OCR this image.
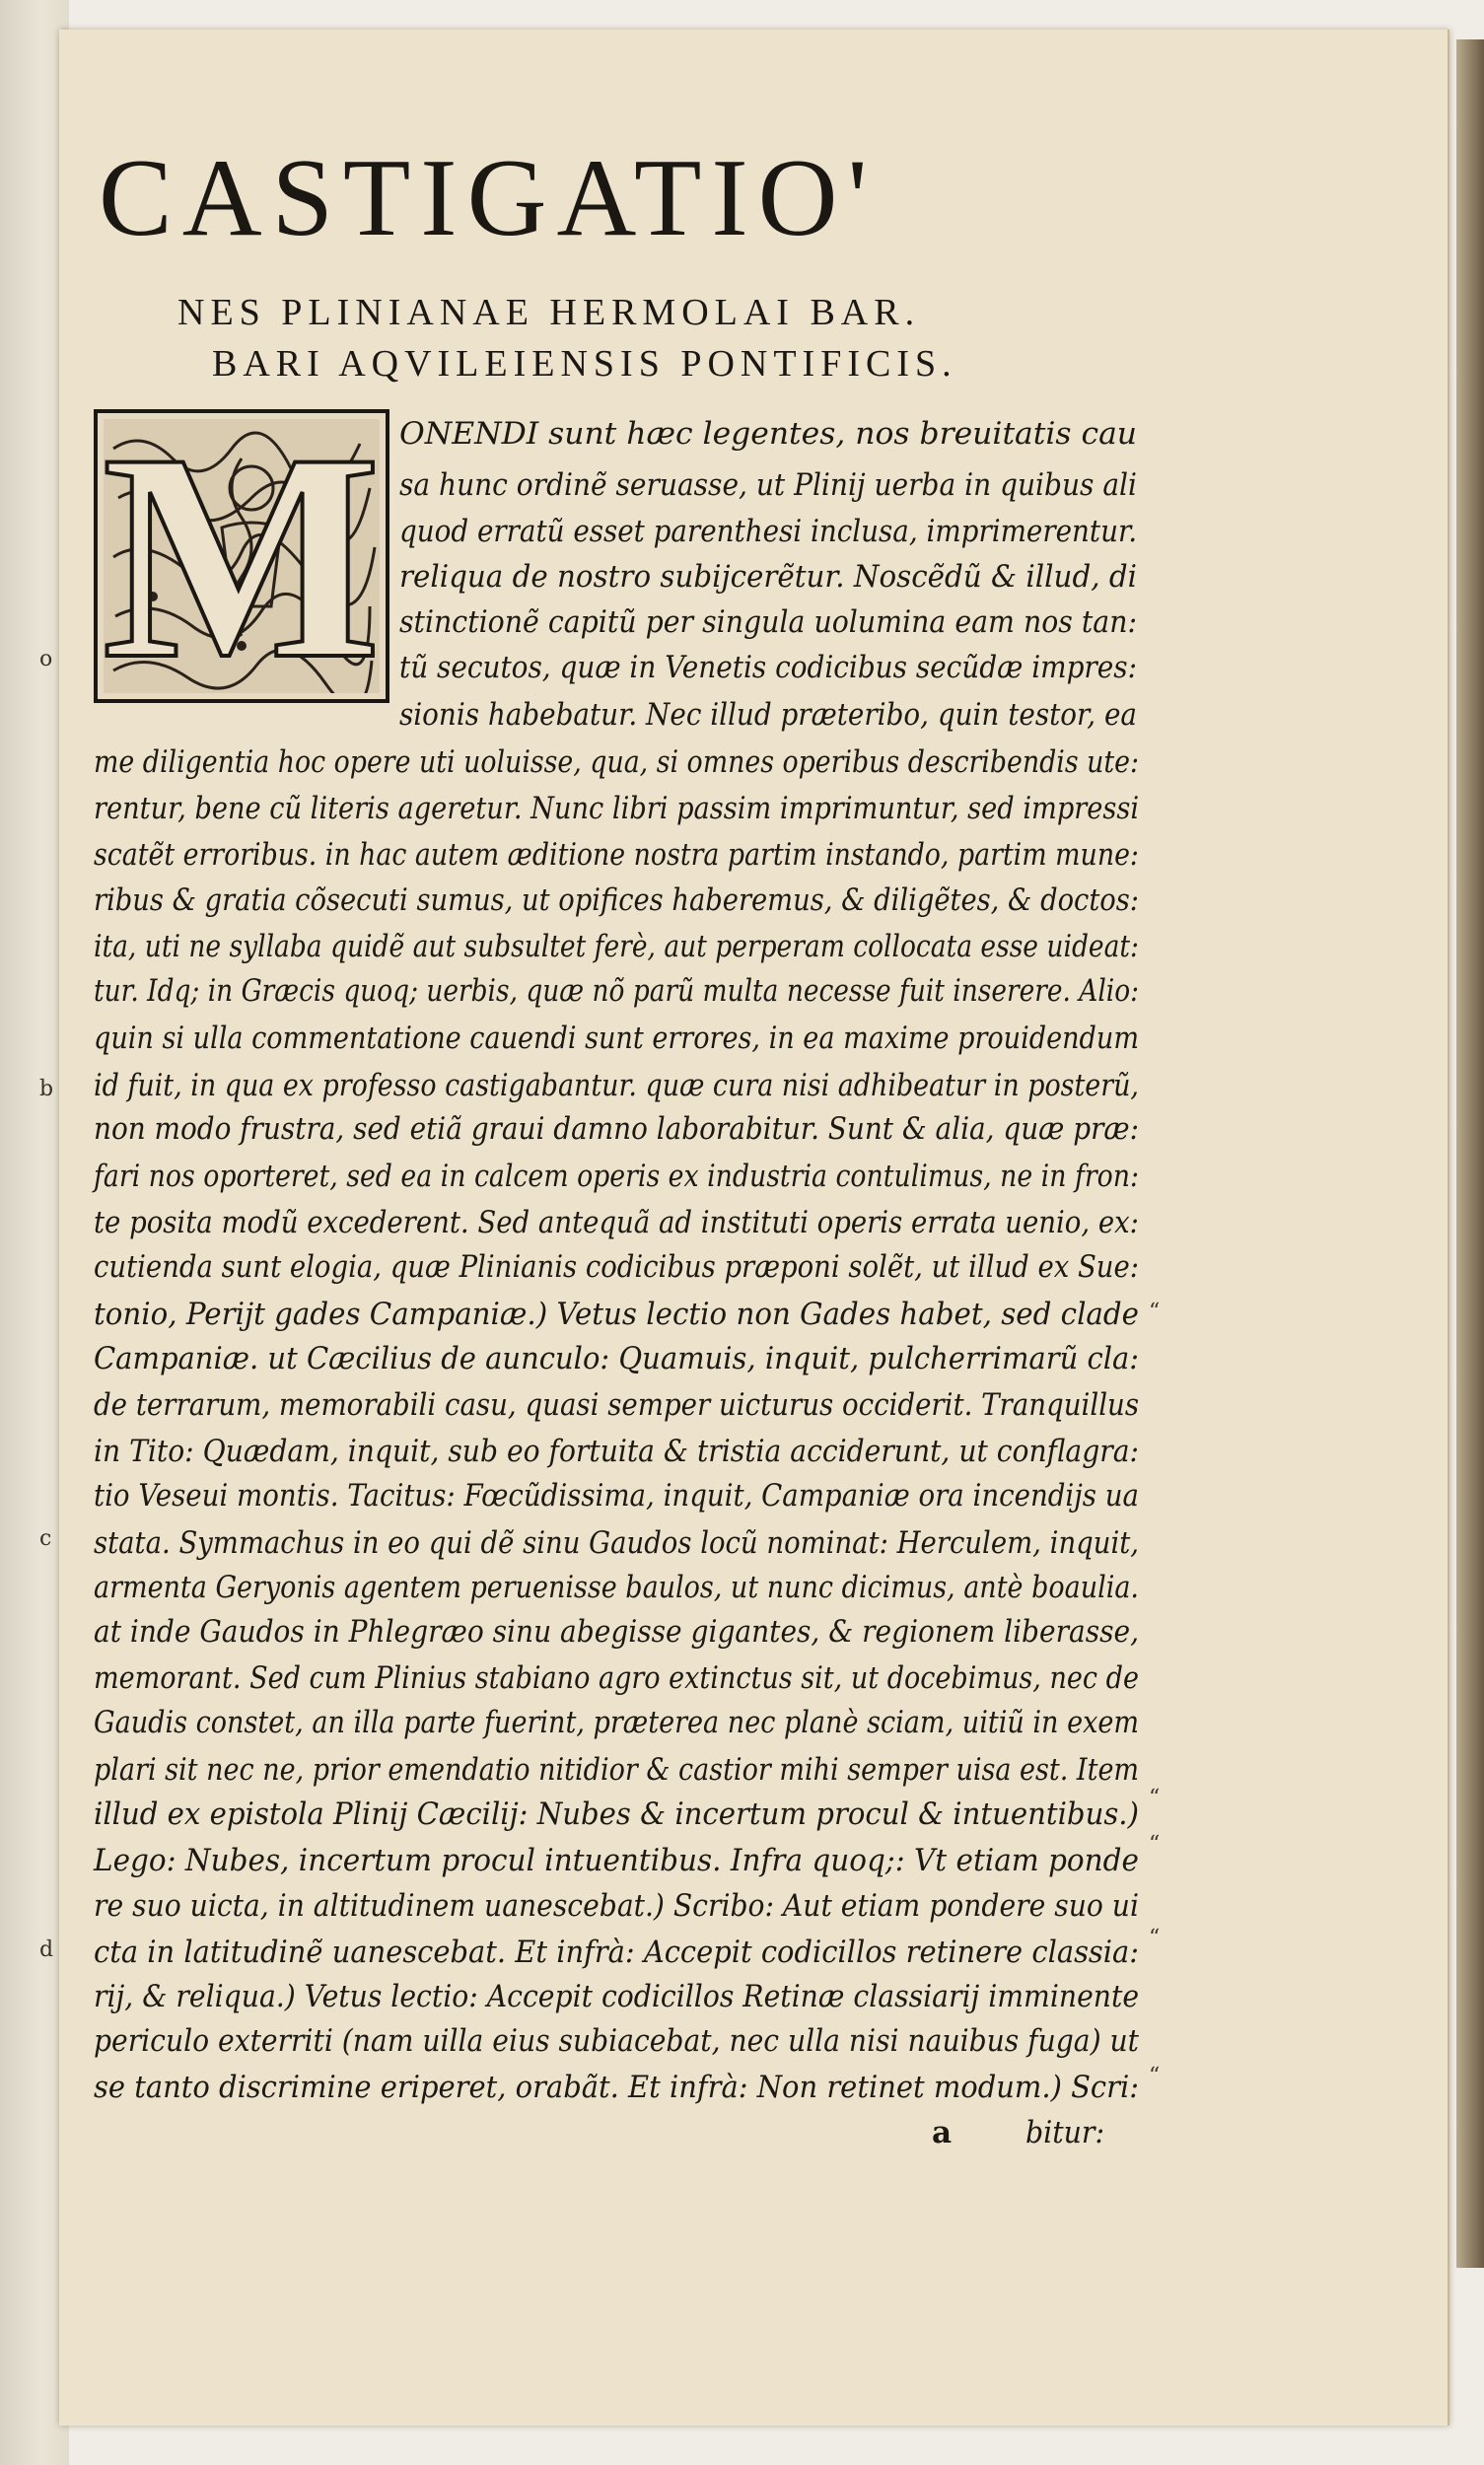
CASTIGATIO'
NES PLINIANAE HERMOLAI BAR.
BARI AQVILEIENSIS PONTIFICIS.
M ONENDI sunt hæc legentes, nos breuitatis cau
sa hunc ordinẽ seruasse, ut Plinij uerba in quibus ali
quod erratũ esset parenthesi inclusa, imprimerentur.
reliqua de nostro subijcerẽtur. Noscẽdũ & illud, di
stinctionẽ capitũ per singula uolumina eam nos tan:
tũ secutos, quæ in Venetis codicibus secũdæ impres:
sionis habebatur. Nec illud præteribo, quin testor, ea
me diligentia hoc opere uti uoluisse, qua, si omnes operibus describendis ute:
rentur, bene cũ literis ageretur. Nunc libri passim imprimuntur, sed impressi
scatẽt erroribus. in hac autem æditione nostra partim instando, partim mune:
ribus & gratia cõsecuti sumus, ut opifices haberemus, & diligẽtes, & doctos:
ita, uti ne syllaba quidẽ aut subsultet ferè, aut perperam collocata esse uideat:
tur. Idq; in Græcis quoq; uerbis, quæ nõ parũ multa necesse fuit inserere. Alio:
quin si ulla commentatione cauendi sunt errores, in ea maxime prouidendum
id fuit, in qua ex professo castigabantur. quæ cura nisi adhibeatur in posterũ,
non modo frustra, sed etiã graui damno laborabitur. Sunt & alia, quæ præ:
fari nos oporteret, sed ea in calcem operis ex industria contulimus, ne in fron:
te posita modũ excederent. Sed antequã ad instituti operis errata uenio, ex:
cutienda sunt elogia, quæ Plinianis codicibus præponi solẽt, ut illud ex Sue:
tonio, Perijt gades Campaniæ.) Vetus lectio non Gades habet, sed clade
Campaniæ. ut Cæcilius de aunculo: Quamuis, inquit, pulcherrimarũ cla:
de terrarum, memorabili casu, quasi semper uicturus occiderit. Tranquillus
in Tito: Quædam, inquit, sub eo fortuita & tristia acciderunt, ut conflagra:
tio Veseui montis. Tacitus: Fœcũdissima, inquit, Campaniæ ora incendijs ua
stata. Symmachus in eo qui dẽ sinu Gaudos locũ nominat: Herculem, inquit,
armenta Geryonis agentem peruenisse baulos, ut nunc dicimus, antè boaulia.
at inde Gaudos in Phlegræo sinu abegisse gigantes, & regionem liberasse,
memorant. Sed cum Plinius stabiano agro extinctus sit, ut docebimus, nec de
Gaudis constet, an illa parte fuerint, præterea nec planè sciam, uitiũ in exem
plari sit nec ne, prior emendatio nitidior & castior mihi semper uisa est. Item
illud ex epistola Plinij Cæcilij: Nubes & incertum procul & intuentibus.)
Lego: Nubes, incertum procul intuentibus. Infra quoq;: Vt etiam ponde
re suo uicta, in altitudinem uanescebat.) Scribo: Aut etiam pondere suo ui
cta in latitudinẽ uanescebat. Et infrà: Accepit codicillos retinere classia:
rij, & reliqua.) Vetus lectio: Accepit codicillos Retinæ classiarij imminente
periculo exterriti (nam uilla eius subiacebat, nec ulla nisi nauibus fuga) ut
se tanto discrimine eriperet, orabãt. Et infrà: Non retinet modum.) Scri:
bitur:
a
o
b
c
d
“
“
“
“
“
